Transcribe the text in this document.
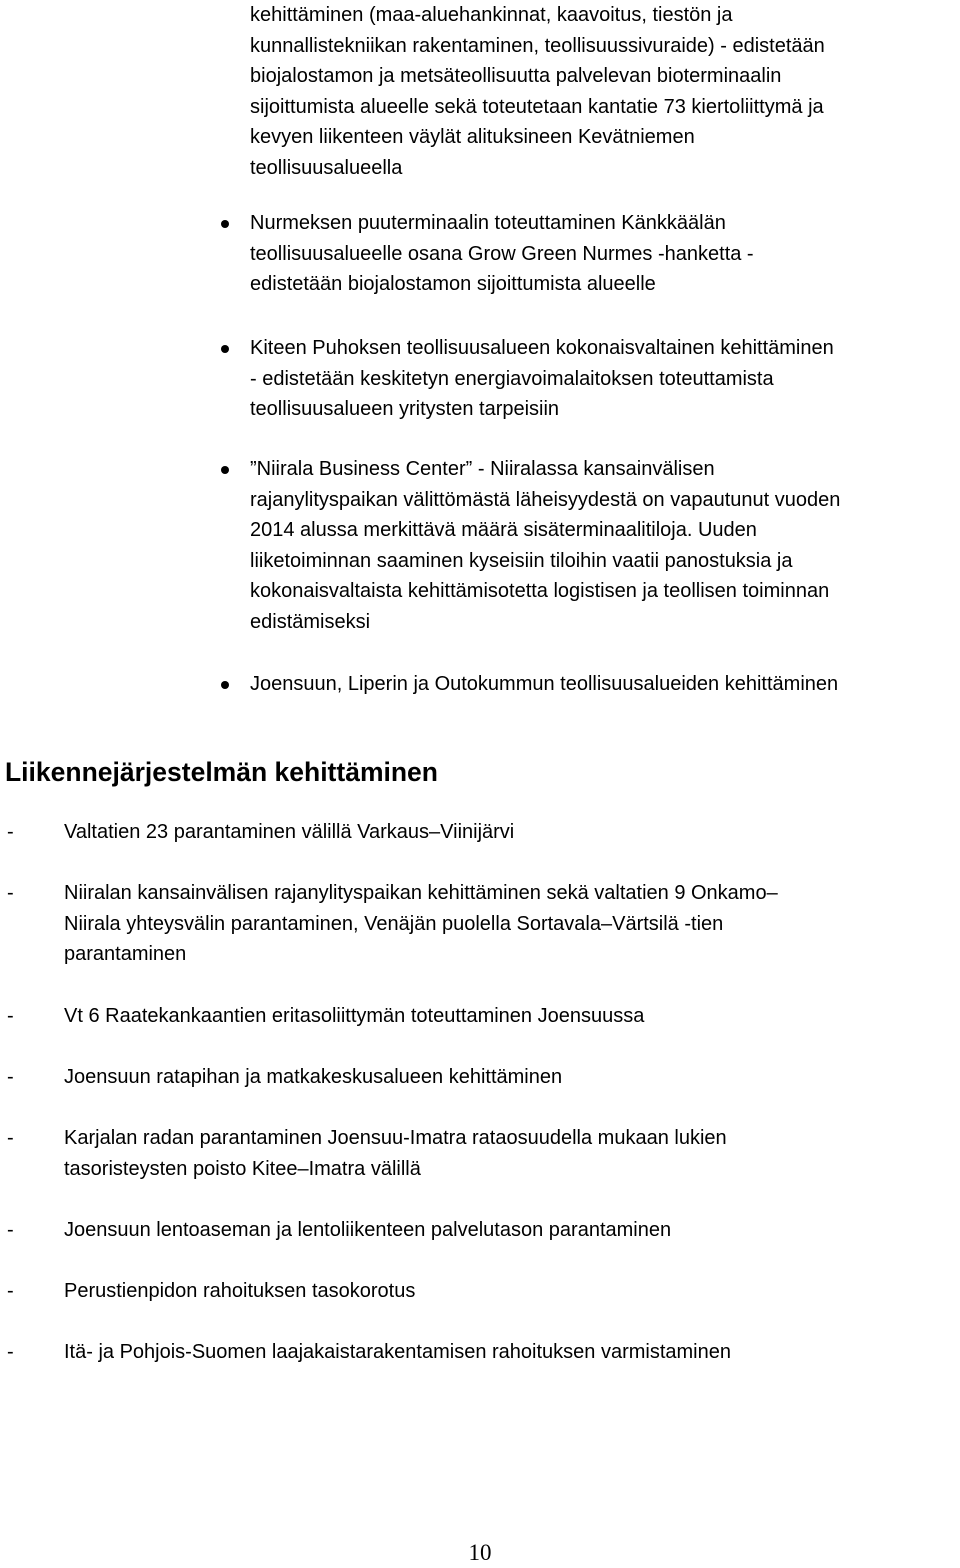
kehittäminen (maa-aluehankinnat, kaavoitus, tiestön ja
kunnallistekniikan rakentaminen, teollisuussivuraide) - edistetään
biojalostamon ja metsäteollisuutta palvelevan bioterminaalin
sijoittumista alueelle sekä toteutetaan kantatie 73 kiertoliittymä ja
kevyen liikenteen väylät alituksineen Kevätniemen
teollisuusalueella
Nurmeksen puuterminaalin toteuttaminen Känkkäälän
teollisuusalueelle osana Grow Green Nurmes -hanketta -
edistetään biojalostamon sijoittumista alueelle
Kiteen Puhoksen teollisuusalueen kokonaisvaltainen kehittäminen
- edistetään keskitetyn energiavoimalaitoksen toteuttamista
teollisuusalueen yritysten tarpeisiin
”Niirala Business Center” - Niiralassa kansainvälisen
rajanylityspaikan välittömästä läheisyydestä on vapautunut vuoden
2014 alussa merkittävä määrä sisäterminaalitiloja. Uuden
liiketoiminnan saaminen kyseisiin tiloihin vaatii panostuksia ja
kokonaisvaltaista kehittämisotetta logistisen ja teollisen toiminnan
edistämiseksi
Joensuun, Liperin ja Outokummun teollisuusalueiden kehittäminen
Liikennejärjestelmän kehittäminen
-	Valtatien 23 parantaminen välillä Varkaus–Viinijärvi
-	Niiralan kansainvälisen rajanylityspaikan kehittäminen sekä valtatien 9 Onkamo–
Niirala yhteysvälin parantaminen, Venäjän puolella Sortavala–Värtsilä -tien
parantaminen
-	Vt 6 Raatekankaantien eritasoliittymän toteuttaminen Joensuussa
-	Joensuun ratapihan ja matkakeskusalueen kehittäminen
-	Karjalan radan parantaminen Joensuu-Imatra rataosuudella mukaan lukien
tasoristeysten poisto Kitee–Imatra välillä
-	Joensuun lentoaseman ja lentoliikenteen palvelutason parantaminen
-	Perustienpidon rahoituksen tasokorotus
-	Itä- ja Pohjois-Suomen laajakaistarakentamisen rahoituksen varmistaminen
10
